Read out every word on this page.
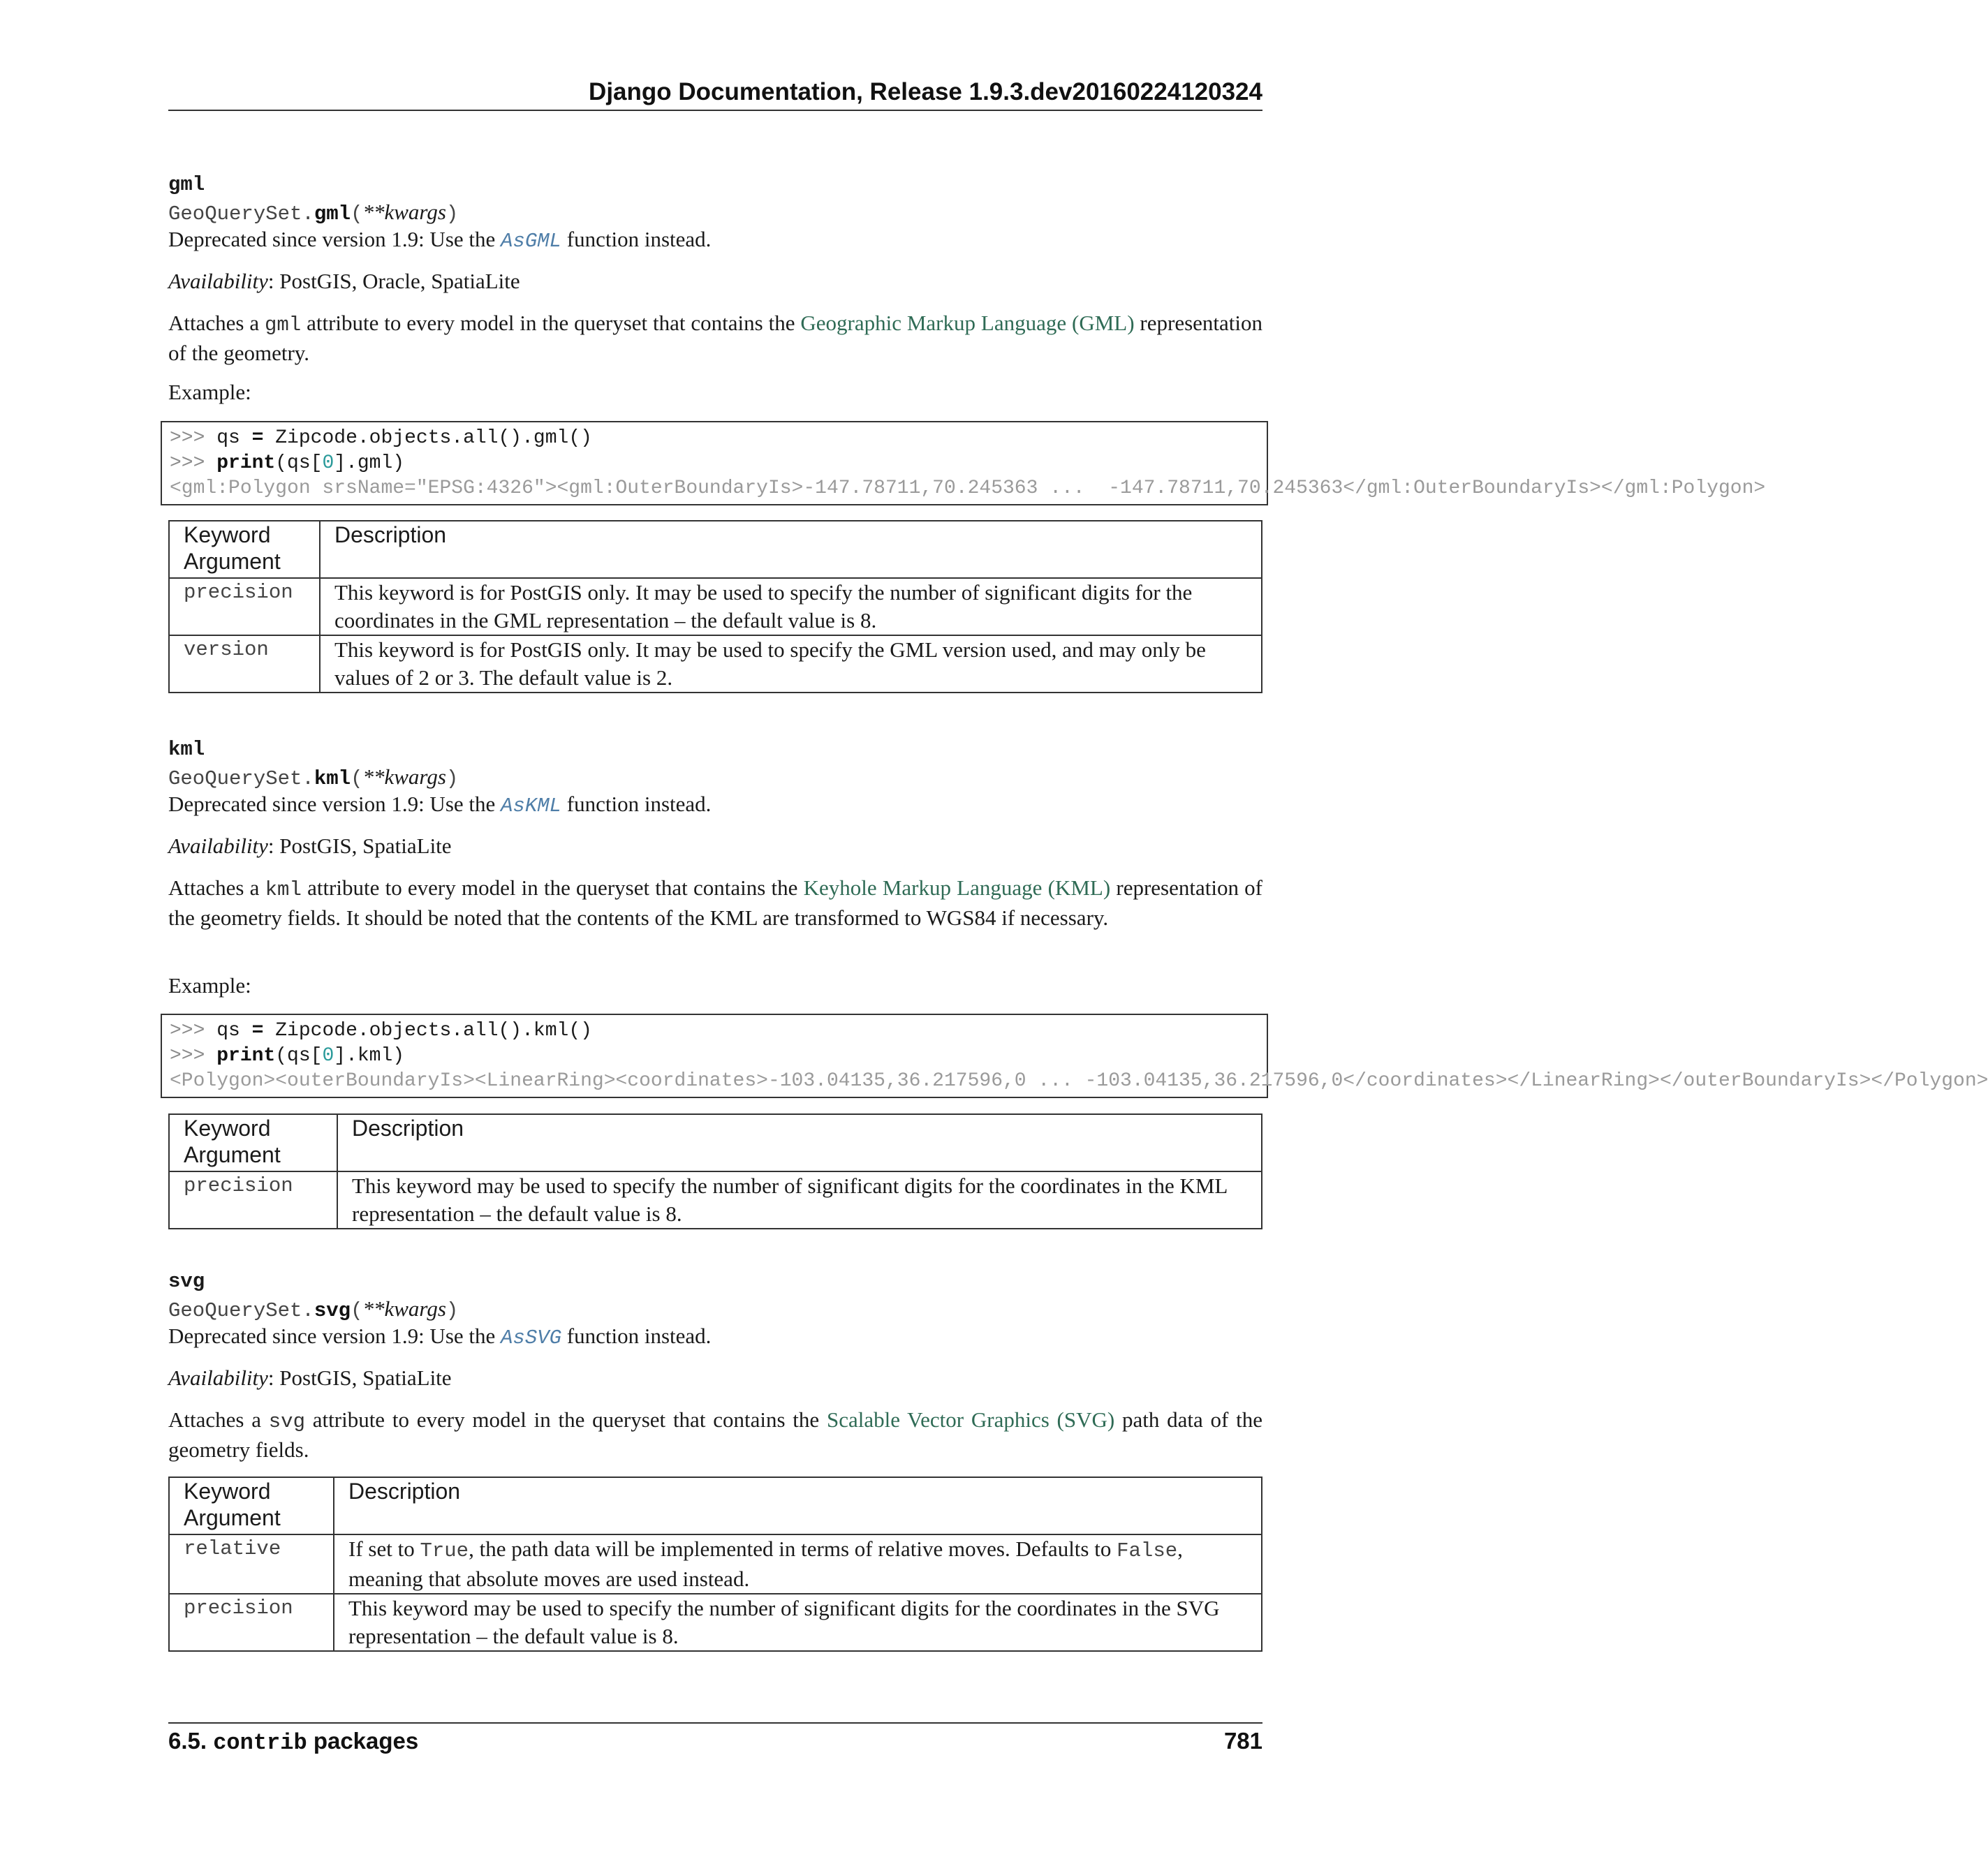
Django Documentation, Release 1.9.3.dev20160224120324
gml
GeoQuerySet.gml(**kwargs)
Deprecated since version 1.9: Use the AsGML function instead.
Availability: PostGIS, Oracle, SpatiaLite
Attaches a gml attribute to every model in the queryset that contains the Geographic Markup Language (GML) representation of the geometry.
Example:
>>> qs = Zipcode.objects.all().gml()
>>> print(qs[0].gml)
<gml:Polygon srsName="EPSG:4326"><gml:OuterBoundaryIs>-147.78711,70.245363 ...  -147.78711,70.245363</gml:OuterBoundaryIs></gml:Polygon>
Keyword Argument	Description
precision	This keyword is for PostGIS only. It may be used to specify the number of significant digits for the coordinates in the GML representation – the default value is 8.
version	This keyword is for PostGIS only. It may be used to specify the GML version used, and may only be values of 2 or 3. The default value is 2.
kml
GeoQuerySet.kml(**kwargs)
Deprecated since version 1.9: Use the AsKML function instead.
Availability: PostGIS, SpatiaLite
Attaches a kml attribute to every model in the queryset that contains the Keyhole Markup Language (KML) representation of the geometry fields. It should be noted that the contents of the KML are transformed to WGS84 if necessary.
Example:
>>> qs = Zipcode.objects.all().kml()
>>> print(qs[0].kml)
<Polygon><outerBoundaryIs><LinearRing><coordinates>-103.04135,36.217596,0 ... -103.04135,36.217596,0</coordinates></LinearRing></outerBoundaryIs></Polygon>
Keyword Argument	Description
precision	This keyword may be used to specify the number of significant digits for the coordinates in the KML representation – the default value is 8.
svg
GeoQuerySet.svg(**kwargs)
Deprecated since version 1.9: Use the AsSVG function instead.
Availability: PostGIS, SpatiaLite
Attaches a svg attribute to every model in the queryset that contains the Scalable Vector Graphics (SVG) path data of the geometry fields.
Keyword Argument	Description
relative	If set to True, the path data will be implemented in terms of relative moves. Defaults to False, meaning that absolute moves are used instead.
precision	This keyword may be used to specify the number of significant digits for the coordinates in the SVG representation – the default value is 8.
6.5. contrib packages	781
